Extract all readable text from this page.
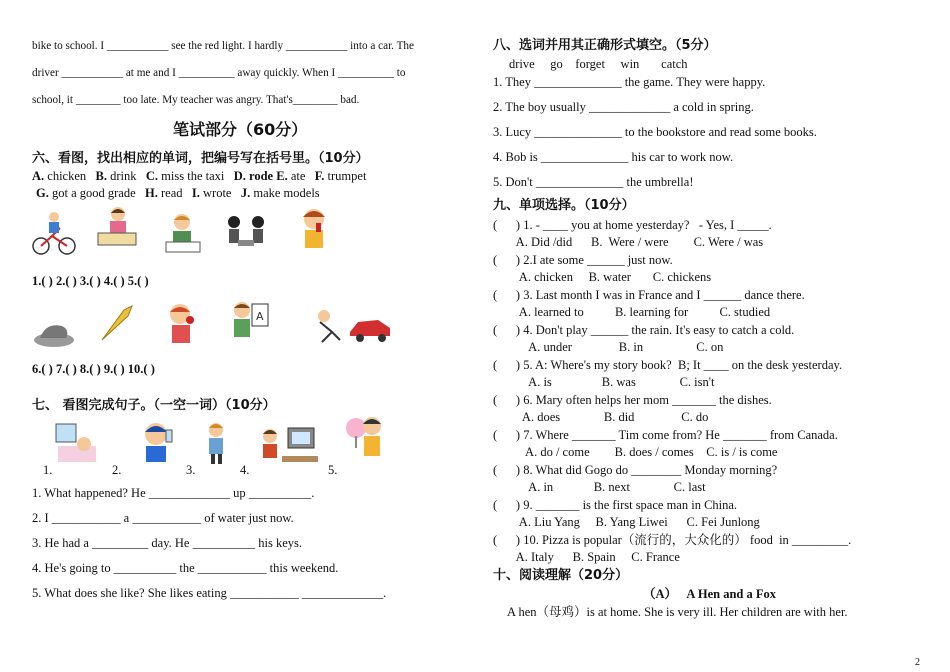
bike to school. I ___________ see the red light. I hardly ___________ into a car. The
driver ___________ at me and I __________ away quickly. When I __________ to
school, it ________ too late. My teacher was angry. That's________ bad.
笔试部分（60分）
六、看图，找出相应的单词，把编号写在括号里。（10分）
A. chicken B. drink C. miss the taxi D. rode E. ate F. trumpet
G. got a good grade H. read I. wrote J. make models
1.( ) 2.( ) 3.( ) 4.( ) 5.( )
A
6.( ) 7.( ) 8.( ) 9.( ) 10.( )
七、 看图完成句子。（一空一词）（10分）
1.	2.	3.	4.	5.
1. What happened? He _____________ up __________.
2. I ___________ a ___________ of water just now.
3. He had a _________ day. He __________ his keys.
4. He's going to __________ the ___________ this weekend.
5. What does she like? She likes eating ___________ _____________.
八、选词并用其正确形式填空。（5分）
drive     go    forget     win       catch
1. They ______________ the game. They were happy.
2. The boy usually _____________ a cold in spring.
3. Lucy ______________ to the bookstore and read some books.
4. Bob is ______________ his car to work now.
5. Don't ______________ the umbrella!
九、单项选择。（10分）
(      ) 1. - ____ you at home yesterday?   - Yes, I _____.
A. Did /did      B.  Were / were        C. Were / was
(      ) 2.I ate some ______ just now.
A. chicken     B. water       C. chickens
(      ) 3. Last month I was in France and I ______ dance there.
A. learned to          B. learning for          C. studied
(      ) 4. Don't play ______ the rain. It's easy to catch a cold.
A. under               B. in                 C. on
(      ) 5. A: Where's my story book?  B; It ____ on the desk yesterday.
A. is                B. was              C. isn't
(      ) 6. Mary often helps her mom _______ the dishes.
A. does              B. did               C. do
(      ) 7. Where _______ Tim come from? He _______ from Canada.
A. do / come        B. does / comes    C. is / is come
(      ) 8. What did Gogo do ________ Monday morning?
A. in             B. next              C. last
(      ) 9. _______ is the first space man in China.
A. Liu Yang     B. Yang Liwei      C. Fei Junlong
(      ) 10. Pizza is popular（流行的，大众化的） food  in _________.
A. Italy      B. Spain     C. France
十、阅读理解（20分）
（A）   A Hen and a Fox
A hen（母鸡）is at home. She is very ill. Her children are with her.
2
